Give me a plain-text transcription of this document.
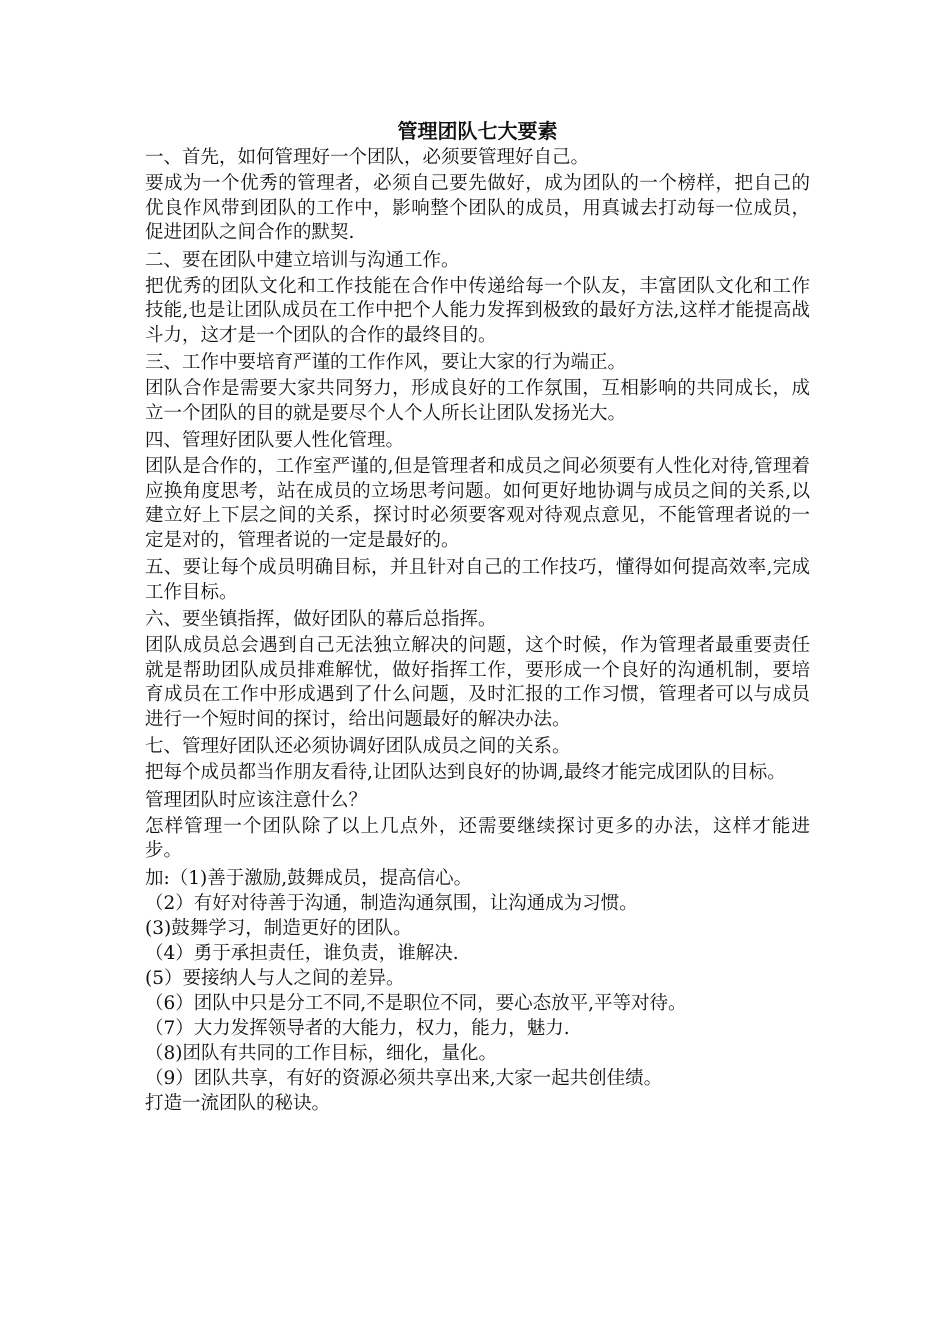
管理团队七大要素

一、首先，如何管理好一个团队，必须要管理好自己。

要成为一个优秀的管理者，必须自己要先做好，成为团队的一个榜样，把自己的优良作风带到团队的工作中，影响整个团队的成员，用真诚去打动每一位成员，促进团队之间合作的默契.

二、要在团队中建立培训与沟通工作。

把优秀的团队文化和工作技能在合作中传递给每一个队友，丰富团队文化和工作技能,也是让团队成员在工作中把个人能力发挥到极致的最好方法,这样才能提高战斗力，这才是一个团队的合作的最终目的。

三、工作中要培育严谨的工作作风，要让大家的行为端正。

团队合作是需要大家共同努力，形成良好的工作氛围，互相影响的共同成长，成立一个团队的目的就是要尽个人个人所长让团队发扬光大。

四、管理好团队要人性化管理。

团队是合作的，工作室严谨的,但是管理者和成员之间必须要有人性化对待,管理着应换角度思考，站在成员的立场思考问题。如何更好地协调与成员之间的关系,以建立好上下层之间的关系，探讨时必须要客观对待观点意见，不能管理者说的一定是对的，管理者说的一定是最好的。

五、要让每个成员明确目标，并且针对自己的工作技巧，懂得如何提高效率,完成工作目标。

六、要坐镇指挥，做好团队的幕后总指挥。

团队成员总会遇到自己无法独立解决的问题，这个时候，作为管理者最重要责任就是帮助团队成员排难解忧，做好指挥工作，要形成一个良好的沟通机制，要培育成员在工作中形成遇到了什么问题，及时汇报的工作习惯，管理者可以与成员进行一个短时间的探讨，给出问题最好的解决办法。

七、管理好团队还必须协调好团队成员之间的关系。

把每个成员都当作朋友看待,让团队达到良好的协调,最终才能完成团队的目标。

管理团队时应该注意什么？

怎样管理一个团队除了以上几点外，还需要继续探讨更多的办法，这样才能进步。

加:（1)善于激励,鼓舞成员，提高信心。

（2）有好对待善于沟通，制造沟通氛围，让沟通成为习惯。

(3)鼓舞学习，制造更好的团队。

（4）勇于承担责任，谁负责，谁解决.

(5）要接纳人与人之间的差异。

（6）团队中只是分工不同,不是职位不同，要心态放平,平等对待。

（7）大力发挥领导者的大能力，权力，能力，魅力.

（8)团队有共同的工作目标，细化，量化。

（9）团队共享，有好的资源必须共享出来,大家一起共创佳绩。

打造一流团队的秘诀。
